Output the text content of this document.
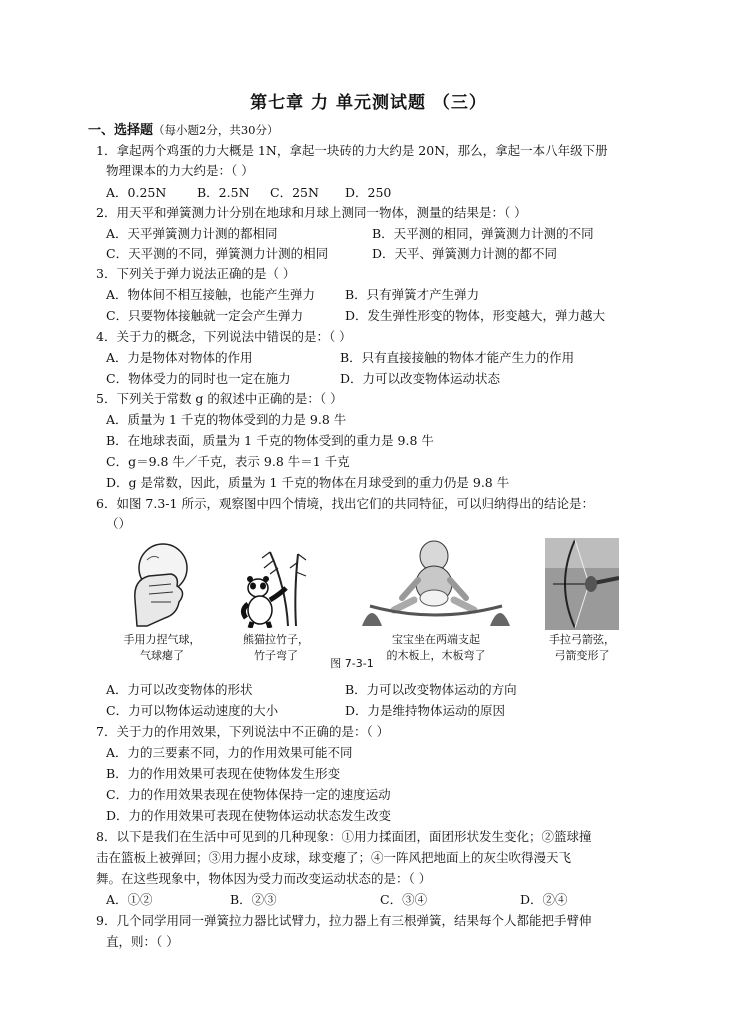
第七章 力 单元测试题 （三）
一、选择题（每小题2分，共30分）
1．拿起两个鸡蛋的力大概是 1N，拿起一块砖的力大约是 20N，那么，拿起一本八年级下册
物理课本的力大约是：（ ）
A．0.25N B．2.5N C．25N D．250
2．用天平和弹簧测力计分别在地球和月球上测同一物体，测量的结果是：（ ）
A．天平弹簧测力计测的都相同	B．天平测的相同，弹簧测力计测的不同
C．天平测的不同，弹簧测力计测的相同	D．天平、弹簧测力计测的都不同
3．下列关于弹力说法正确的是（ ）
A．物体间不相互接触，也能产生弹力 B．只有弹簧才产生弹力
C．只要物体接触就一定会产生弹力	D．发生弹性形变的物体，形变越大，弹力越大
4．关于力的概念，下列说法中错误的是：（ ）
A．力是物体对物体的作用	B．只有直接接触的物体才能产生力的作用
C．物体受力的同时也一定在施力	D．力可以改变物体运动状态
5．下列关于常数 g 的叙述中正确的是：（ ）
A．质量为 1 千克的物体受到的力是 9.8 牛
B．在地球表面，质量为 1 千克的物体受到的重力是 9.8 牛
C．g＝9.8 牛／千克，表示 9.8 牛＝1 千克
D．g 是常数，因此，质量为 1 千克的物体在月球受到的重力仍是 9.8 牛
6．如图 7.3-1 所示，观察图中四个情境，找出它们的共同特征，可以归纳得出的结论是：
（）
手用力捏气球，
气球瘪了
熊猫拉竹子，
竹子弯了
宝宝坐在两端支起
的木板上，木板弯了
手拉弓箭弦，
弓箭变形了
图 7-3-1
A．力可以改变物体的形状	B．力可以改变物体运动的方向
C．力可以物体运动速度的大小	D．力是维持物体运动的原因
7．关于力的作用效果，下列说法中不正确的是：（ ）
A．力的三要素不同，力的作用效果可能不同
B．力的作用效果可表现在使物体发生形变
C．力的作用效果表现在使物体保持一定的速度运动
D．力的作用效果可表现在使物体运动状态发生改变
8．以下是我们在生活中可见到的几种现象：①用力揉面团，面团形状发生变化；②篮球撞
击在篮板上被弹回；③用力握小皮球，球变瘪了；④一阵风把地面上的灰尘吹得漫天飞
舞。在这些现象中，物体因为受力而改变运动状态的是：（ ）
A．①②	B．②③	C．③④	D．②④
9．几个同学用同一弹簧拉力器比试臂力，拉力器上有三根弹簧，结果每个人都能把手臂伸
直，则：（ ）
